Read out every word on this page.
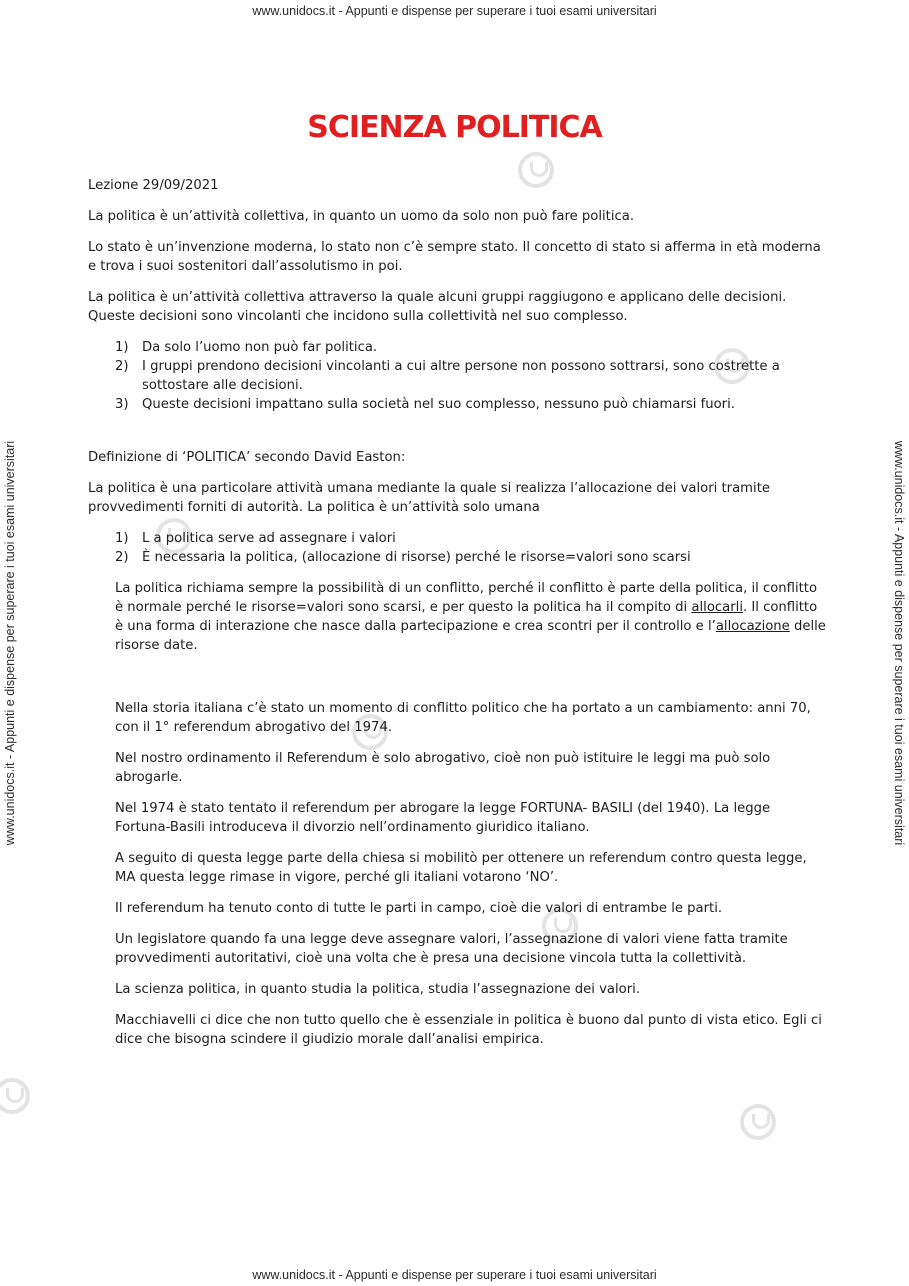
www.unidocs.it - Appunti e dispense per superare i tuoi esami universitari
www.unidocs.it - Appunti e dispense per superare i tuoi esami universitari
www.unidocs.it - Appunti e dispense per superare i tuoi esami universitari	www.unidocs.it - Appunti e dispense per superare i tuoi esami universitari
SCIENZA POLITICA

Lezione 29/09/2021

La politica è un’attività collettiva, in quanto un uomo da solo non può fare politica.

Lo stato è un’invenzione moderna, lo stato non c’è sempre stato. Il concetto di stato si afferma in età moderna e trova i suoi sostenitori dall’assolutismo in poi.

La politica è un’attività collettiva attraverso la quale alcuni gruppi raggiugono e applicano delle decisioni. Queste decisioni sono vincolanti che incidono sulla collettività nel suo complesso.

1) Da solo l’uomo non può far politica.
2) I gruppi prendono decisioni vincolanti a cui altre persone non possono sottrarsi, sono costrette a sottostare alle decisioni.
3) Queste decisioni impattano sulla società nel suo complesso, nessuno può chiamarsi fuori.

Definizione di ‘POLITICA’ secondo David Easton:

La politica è una particolare attività umana mediante la quale si realizza l’allocazione dei valori tramite provvedimenti forniti di autorità. La politica è un’attività solo umana

1) L a politica serve ad assegnare i valori
2) È necessaria la politica, (allocazione di risorse) perché le risorse=valori sono scarsi

La politica richiama sempre la possibilità di un conflitto, perché il conflitto è parte della politica, il conflitto è normale perché le risorse=valori sono scarsi, e per questo la politica ha il compito di allocarli. Il conflitto è una forma di interazione che nasce dalla partecipazione e crea scontri per il controllo e l’allocazione delle risorse date.

Nella storia italiana c’è stato un momento di conflitto politico che ha portato a un cambiamento: anni 70, con il 1° referendum abrogativo del 1974.

Nel nostro ordinamento il Referendum è solo abrogativo, cioè non può istituire le leggi ma può solo abrogarle.

Nel 1974 è stato tentato il referendum per abrogare la legge FORTUNA- BASILI (del 1940). La legge Fortuna-Basili introduceva il divorzio nell’ordinamento giuridico italiano.

A seguito di questa legge parte della chiesa si mobilitò per ottenere un referendum contro questa legge, MA questa legge rimase in vigore, perché gli italiani votarono ‘NO’.

Il referendum ha tenuto conto di tutte le parti in campo, cioè die valori di entrambe le parti.

Un legislatore quando fa una legge deve assegnare valori, l’assegnazione di valori viene fatta tramite provvedimenti autoritativi, cioè una volta che è presa una decisione vincola tutta la collettività.

La scienza politica, in quanto studia la politica, studia l’assegnazione dei valori.

Macchiavelli ci dice che non tutto quello che è essenziale in politica è buono dal punto di vista etico. Egli ci dice che bisogna scindere il giudizio morale dall’analisi empirica.
